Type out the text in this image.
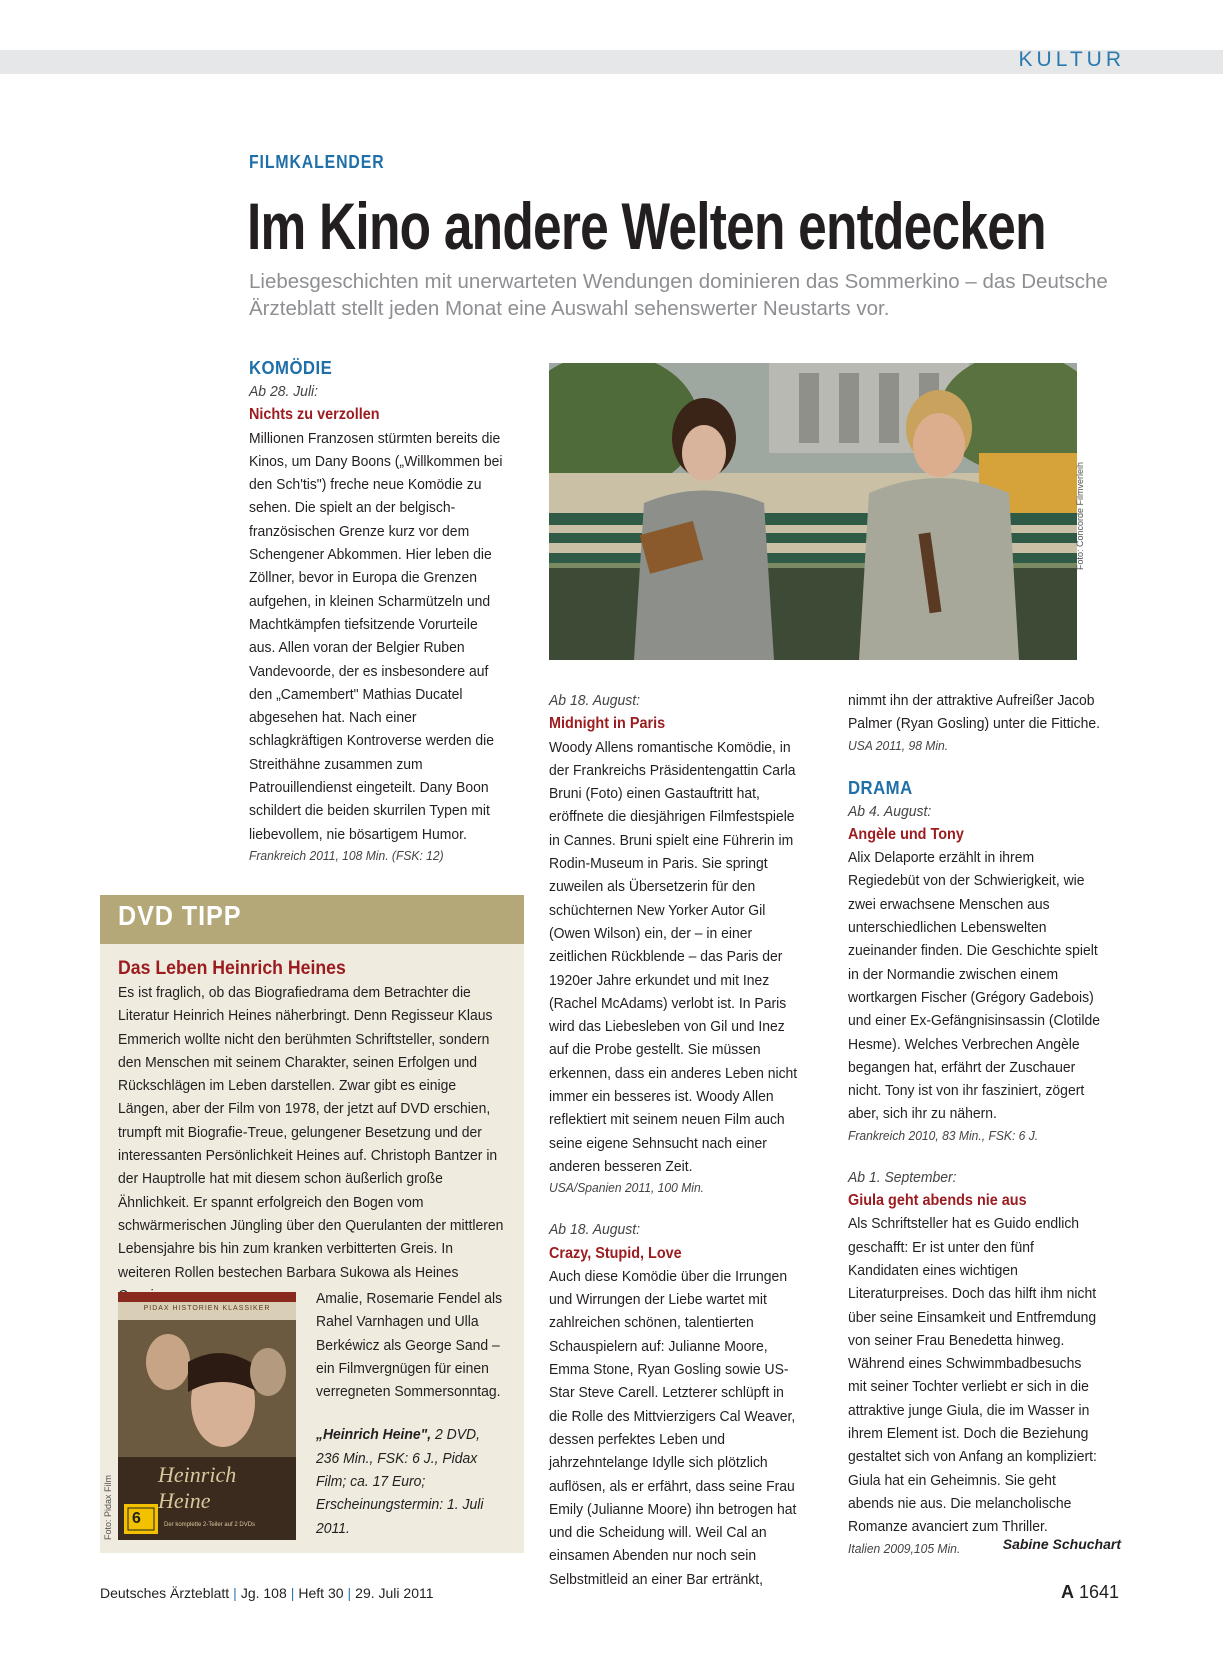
KULTUR
FILMKALENDER
Im Kino andere Welten entdecken
Liebesgeschichten mit unerwarteten Wendungen dominieren das Sommerkino – das Deutsche Ärzteblatt stellt jeden Monat eine Auswahl sehenswerter Neustarts vor.
KOMÖDIE
Ab 28. Juli:
Nichts zu verzollen

Millionen Franzosen stürmten bereits die Kinos, um Dany Boons („Willkommen bei den Sch'tis") freche neue Komödie zu sehen. Die spielt an der belgisch-französischen Grenze kurz vor dem Schengener Abkommen. Hier leben die Zöllner, bevor in Europa die Grenzen aufgehen, in kleinen Scharmützeln und Machtkämpfen tiefsitzende Vorurteile aus. Allen voran der Belgier Ruben Vandevoorde, der es insbesondere auf den „Camembert" Mathias Ducatel abgesehen hat. Nach einer schlagkräftigen Kontroverse werden die Streithähne zusammen zum Patrouillendienst eingeteilt. Dany Boon schildert die beiden skurrilen Typen mit liebevollem, nie bösartigem Humor.

Frankreich 2011, 108 Min. (FSK: 12)
Foto: Concorde Filmverleih
Ab 18. August:
Midnight in Paris

Woody Allens romantische Komödie, in der Frankreichs Präsidentengattin Carla Bruni (Foto) einen Gastauftritt hat, eröffnete die diesjährigen Filmfestspiele in Cannes. Bruni spielt eine Führerin im Rodin-Museum in Paris. Sie springt zuweilen als Übersetzerin für den schüchternen New Yorker Autor Gil (Owen Wilson) ein, der – in einer zeitlichen Rückblende – das Paris der 1920er Jahre erkundet und mit Inez (Rachel McAdams) verlobt ist. In Paris wird das Liebesleben von Gil und Inez auf die Probe gestellt. Sie müssen erkennen, dass ein anderes Leben nicht immer ein besseres ist. Woody Allen reflektiert mit seinem neuen Film auch seine eigene Sehnsucht nach einer anderen besseren Zeit.

USA/Spanien 2011, 100 Min.
Ab 18. August:
Crazy, Stupid, Love

Auch diese Komödie über die Irrungen und Wirrungen der Liebe wartet mit zahlreichen schönen, talentierten Schauspielern auf: Julianne Moore, Emma Stone, Ryan Gosling sowie US-Star Steve Carell. Letzterer schlüpft in die Rolle des Mittvierzigers Cal Weaver, dessen perfektes Leben und jahrzehntelange Idylle sich plötzlich auflösen, als er erfährt, dass seine Frau Emily (Julianne Moore) ihn betrogen hat und die Scheidung will. Weil Cal an einsamen Abenden nur noch sein Selbstmitleid an einer Bar ertränkt,

nimmt ihn der attraktive Aufreißer Jacob Palmer (Ryan Gosling) unter die Fittiche.

USA 2011, 98 Min.
DRAMA
Ab 4. August:
Angèle und Tony

Alix Delaporte erzählt in ihrem Regiedebüt von der Schwierigkeit, wie zwei erwachsene Menschen aus unterschiedlichen Lebenswelten zueinander finden. Die Geschichte spielt in der Normandie zwischen einem wortkargen Fischer (Grégory Gadebois) und einer Ex-Gefängnisinsassin (Clotilde Hesme). Welches Verbrechen Angèle begangen hat, erfährt der Zuschauer nicht. Tony ist von ihr fasziniert, zögert aber, sich ihr zu nähern.

Frankreich 2010, 83 Min., FSK: 6 J.
Ab 1. September:
Giula geht abends nie aus

Als Schriftsteller hat es Guido endlich geschafft: Er ist unter den fünf Kandidaten eines wichtigen Literaturpreises. Doch das hilft ihm nicht über seine Einsamkeit und Entfremdung von seiner Frau Benedetta hinweg. Während eines Schwimmbadbesuchs mit seiner Tochter verliebt er sich in die attraktive junge Giula, die im Wasser in ihrem Element ist. Doch die Beziehung gestaltet sich von Anfang an kompliziert: Giula hat ein Geheimnis. Sie geht abends nie aus. Die melancholische Romanze avanciert zum Thriller.

Italien 2009,105 Min.	Sabine Schuchart
DVD TIPP
Das Leben Heinrich Heines

Es ist fraglich, ob das Biografiedrama dem Betrachter die Literatur Heinrich Heines näherbringt. Denn Regisseur Klaus Emmerich wollte nicht den berühmten Schriftsteller, sondern den Menschen mit seinem Charakter, seinen Erfolgen und Rückschlägen im Leben darstellen. Zwar gibt es einige Längen, aber der Film von 1978, der jetzt auf DVD erschien, trumpft mit Biografie-Treue, gelungener Besetzung und der interessanten Persönlichkeit Heines auf. Christoph Bantzer in der Hauptrolle hat mit diesem schon äußerlich große Ähnlichkeit. Er spannt erfolgreich den Bogen vom schwärmerischen Jüngling über den Querulanten der mittleren Lebensjahre bis hin zum kranken verbitterten Greis. In weiteren Rollen bestechen Barbara Sukowa als Heines

Amalie, Rosemarie Fendel als Rahel Varnhagen und Ulla Berkéwicz als George Sand – ein Filmvergnügen für einen verregneten Sommersonntag.

„Heinrich Heine", 2 DVD, 236 Min., FSK: 6 J., Pidax Film; ca. 17 Euro; Erscheinungstermin: 1. Juli 2011.

PIDAX HISTORIEN KLASSIKER
Heinrich Heine
6	Der komplette 2-Teiler auf 2 DVDs
Foto: Pidax Film
Deutsches Ärzteblatt | Jg. 108 | Heft 30 | 29. Juli 2011	A 1641
